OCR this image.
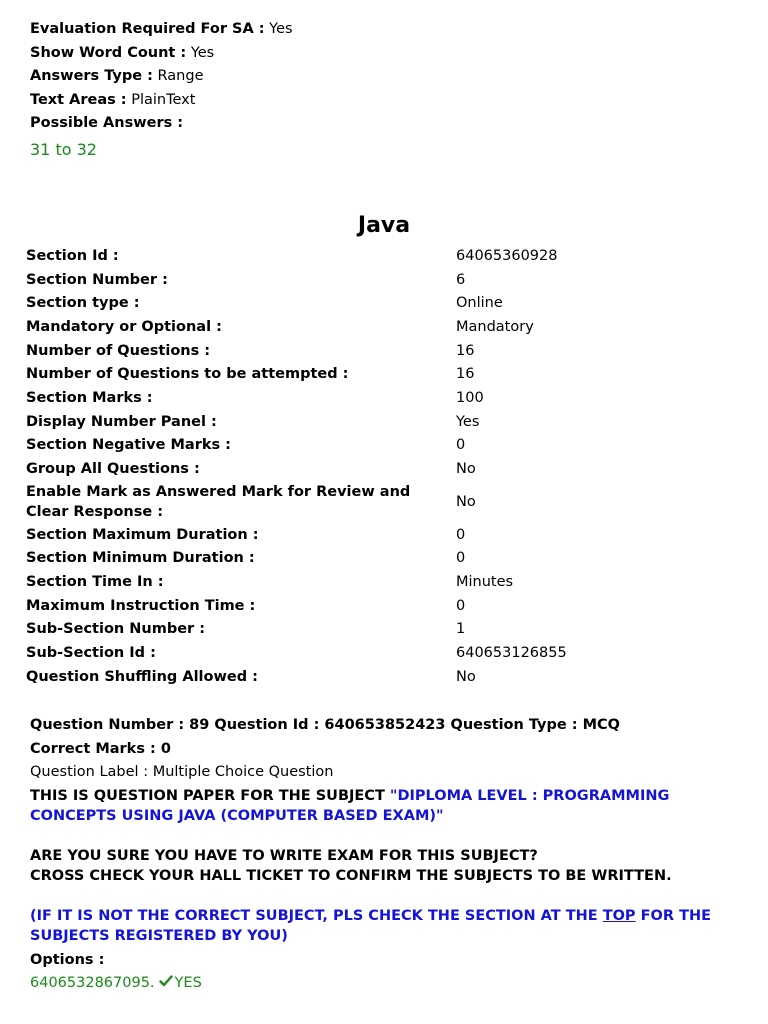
Evaluation Required For SA : Yes
Show Word Count : Yes
Answers Type : Range
Text Areas : PlainText
Possible Answers :
31 to 32
Java
Section Id :	64065360928
Section Number :	6
Section type :	Online
Mandatory or Optional :	Mandatory
Number of Questions :	16
Number of Questions to be attempted :	16
Section Marks :	100
Display Number Panel :	Yes
Section Negative Marks :	0
Group All Questions :	No
Enable Mark as Answered Mark for Review and Clear Response :	No
Section Maximum Duration :	0
Section Minimum Duration :	0
Section Time In :	Minutes
Maximum Instruction Time :	0
Sub-Section Number :	1
Sub-Section Id :	640653126855
Question Shuffling Allowed :	No
Question Number : 89 Question Id : 640653852423 Question Type : MCQ
Correct Marks : 0
Question Label : Multiple Choice Question
THIS IS QUESTION PAPER FOR THE SUBJECT "DIPLOMA LEVEL : PROGRAMMING CONCEPTS USING JAVA (COMPUTER BASED EXAM)"
ARE YOU SURE YOU HAVE TO WRITE EXAM FOR THIS SUBJECT?
CROSS CHECK YOUR HALL TICKET TO CONFIRM THE SUBJECTS TO BE WRITTEN.
(IF IT IS NOT THE CORRECT SUBJECT, PLS CHECK THE SECTION AT THE TOP FOR THE SUBJECTS REGISTERED BY YOU)
Options :
6406532867095. YES
